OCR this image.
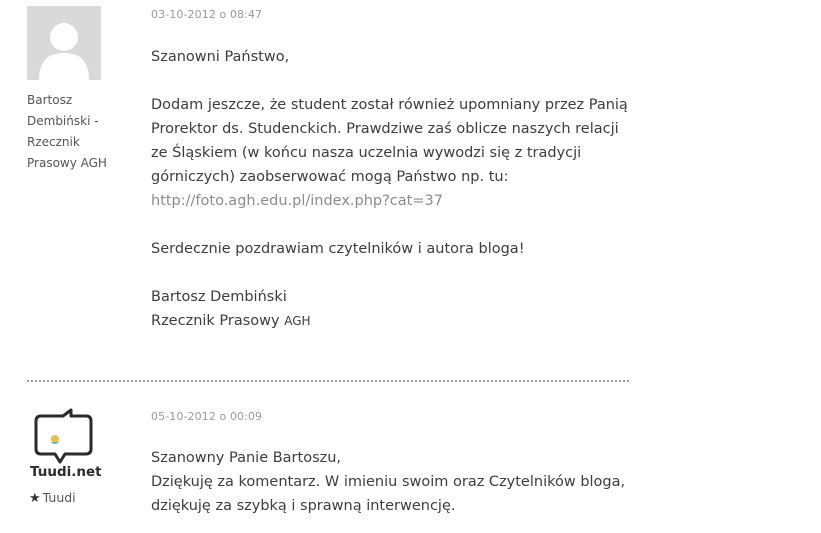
Bartosz Dembiński - Rzecznik Prasowy AGH
03-10-2012 o 08:47

Szanowni Państwo,

Dodam jeszcze, że student został również upomniany przez Panią Prorektor ds. Studenckich. Prawdziwe zaś oblicze naszych relacji ze Śląskiem (w końcu nasza uczelnia wywodzi się z tradycji górniczych) zaobserwować mogą Państwo np. tu: http://foto.agh.edu.pl/index.php?cat=37

Serdecznie pozdrawiam czytelników i autora bloga!

Bartosz Dembiński

Rzecznik Prasowy AGH

Tuudi.net
★ Tuudi
05-10-2012 o 00:09

Szanowny Panie Bartoszu,

Dziękuję za komentarz. W imieniu swoim oraz Czytelników bloga,

dziękuję za szybką i sprawną interwencję.
